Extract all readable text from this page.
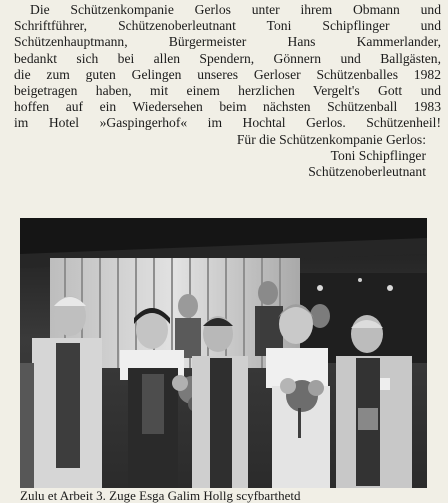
Die Schützenkompanie Gerlos unter ihrem Obmann und
Schriftführer, Schützenoberleutnant Toni Schipflinger und
Schützenhauptmann, Bürgermeister Hans Kammerlander,
bedankt sich bei allen Spendern, Gönnern und Ballgästen,
die zum guten Gelingen unseres Gerloser Schützenballes 1982
beigetragen haben, mit einem herzlichen Vergelt's Gott und
hoffen auf ein Wiedersehen beim nächsten Schützenball 1983
im Hotel »Gaspingerhof« im Hochtal Gerlos. Schützenheil!
Für die Schützenkompanie Gerlos:
Toni Schipflinger
Schützenoberleutnant
Zulu et Arbeit 3. Zuge Esga Galim Hollg scyfbarthetd
